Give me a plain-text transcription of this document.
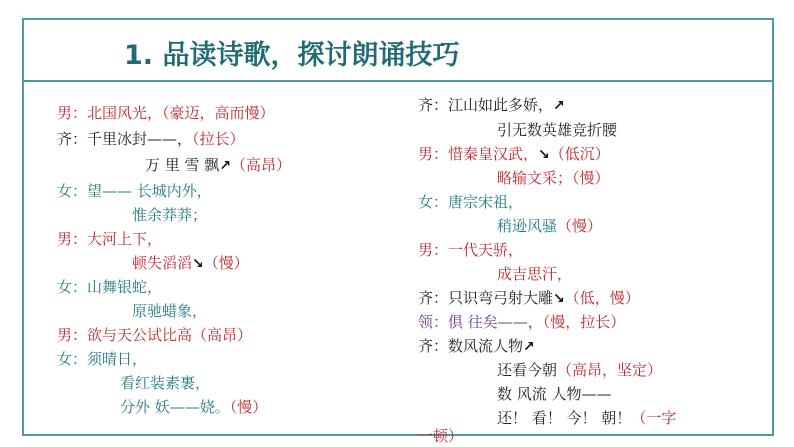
1. 品读诗歌，探讨朗诵技巧
男：北国风光，（豪迈，高而慢）
齐：千里冰封——，（拉长）
万 里 雪 飘↗（高昂）
女：望—— 长城内外，
惟余莽莽；
男：大河上下，
顿失滔滔↘（慢）
女：山舞银蛇，
原驰蜡象，
男：欲与天公试比高（高昂）
女：须晴日，
看红装素裹，
分外 妖——娆。（慢）
齐：江山如此多娇，↗
引无数英雄竞折腰
男：惜秦皇汉武，↘（低沉）
略输文采；（慢）
女：唐宗宋祖，
稍逊风骚（慢）
男：一代天骄，
成吉思汗，
齐：只识弯弓射大雕↘（低，慢）
领：俱 往矣——，（慢，拉长）
齐：数风流人物↗
还看今朝（高昂，坚定）
数 风流 人物——
还！ 看！ 今！ 朝！（一字
一顿）
